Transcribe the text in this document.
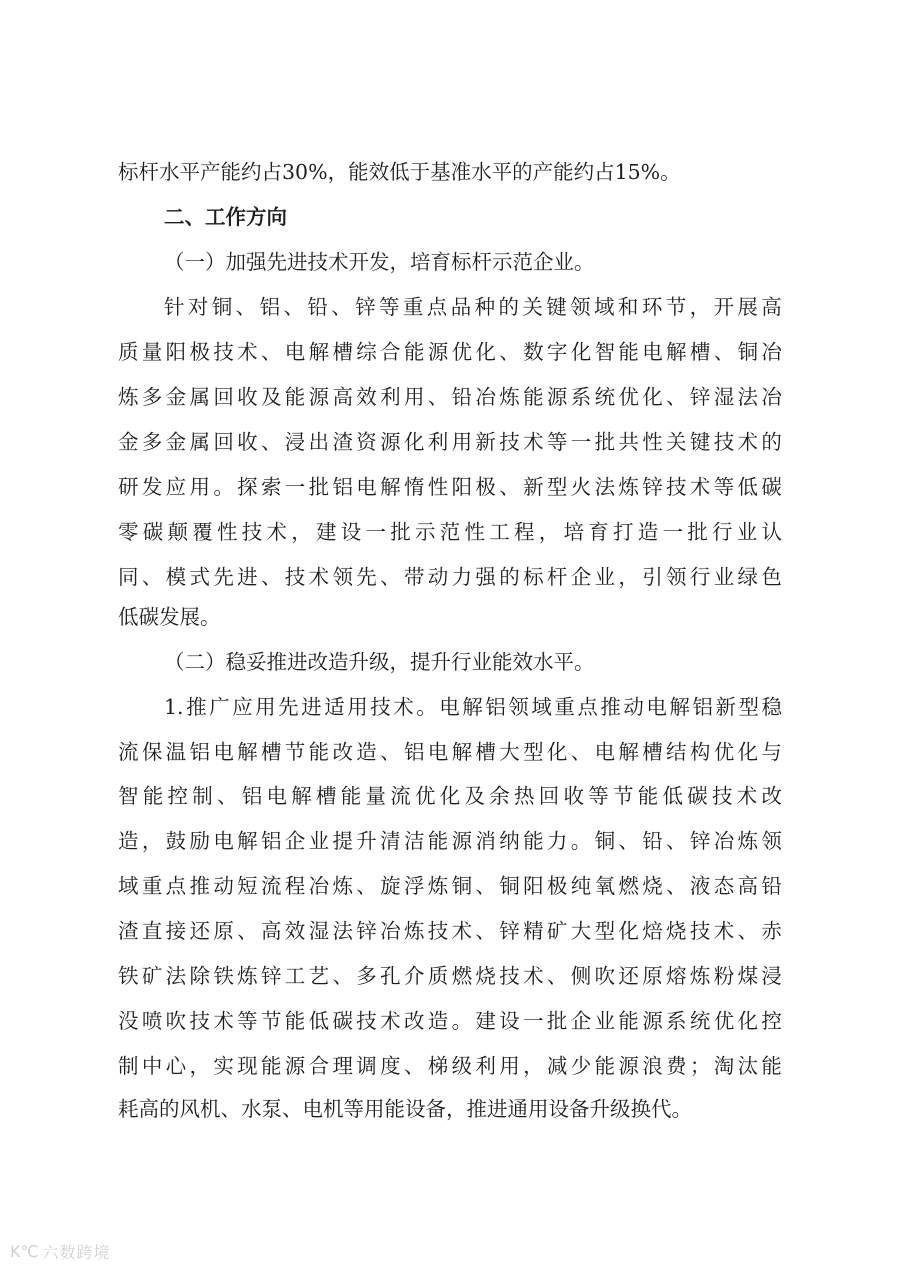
标杆水平产能约占30%，能效低于基准水平的产能约占15%。
二、工作方向
（一）加强先进技术开发，培育标杆示范企业。
针 对 铜 、 铝 、 铅 、 锌 等 重 点 品 种 的 关 键 领 域 和 环 节 ， 开 展 高
质 量 阳 极 技 术 、 电 解 槽 综 合 能 源 优 化 、 数 字 化 智 能 电 解 槽 、 铜 冶
炼 多 金 属 回 收 及 能 源 高 效 利 用 、 铅 冶 炼 能 源 系 统 优 化 、 锌 湿 法 冶
金 多 金 属 回 收 、 浸 出 渣 资 源 化 利 用 新 技 术 等 一 批 共 性 关 键 技 术 的
研 发 应 用 。 探 索 一 批 铝 电 解 惰 性 阳 极 、 新 型 火 法 炼 锌 技 术 等 低 碳
零 碳 颠 覆 性 技 术 ， 建 设 一 批 示 范 性 工 程 ， 培 育 打 造 一 批 行 业 认
同 、 模 式 先 进 、 技 术 领 先 、 带 动 力 强 的 标 杆 企 业 ， 引 领 行 业 绿 色
低碳发展。
（二）稳妥推进改造升级，提升行业能效水平。
1. 推 广 应 用 先 进 适 用 技 术 。 电 解 铝 领 域 重 点 推 动 电 解 铝 新 型 稳
流 保 温 铝 电 解 槽 节 能 改 造 、 铝 电 解 槽 大 型 化 、 电 解 槽 结 构 优 化 与
智 能 控 制 、 铝 电 解 槽 能 量 流 优 化 及 余 热 回 收 等 节 能 低 碳 技 术 改
造 ， 鼓 励 电 解 铝 企 业 提 升 清 洁 能 源 消 纳 能 力 。 铜 、 铅 、 锌 冶 炼 领
域 重 点 推 动 短 流 程 冶 炼 、 旋 浮 炼 铜 、 铜 阳 极 纯 氧 燃 烧 、 液 态 高 铅
渣 直 接 还 原 、 高 效 湿 法 锌 冶 炼 技 术 、 锌 精 矿 大 型 化 焙 烧 技 术 、 赤
铁 矿 法 除 铁 炼 锌 工 艺 、 多 孔 介 质 燃 烧 技 术 、 侧 吹 还 原 熔 炼 粉 煤 浸
没 喷 吹 技 术 等 节 能 低 碳 技 术 改 造 。 建 设 一 批 企 业 能 源 系 统 优 化 控
制 中 心 ， 实 现 能 源 合 理 调 度 、 梯 级 利 用 ， 减 少 能 源 浪 费 ； 淘 汰 能
耗高的风机、水泵、电机等用能设备，推进通用设备升级换代。
K℃ 六数跨境
